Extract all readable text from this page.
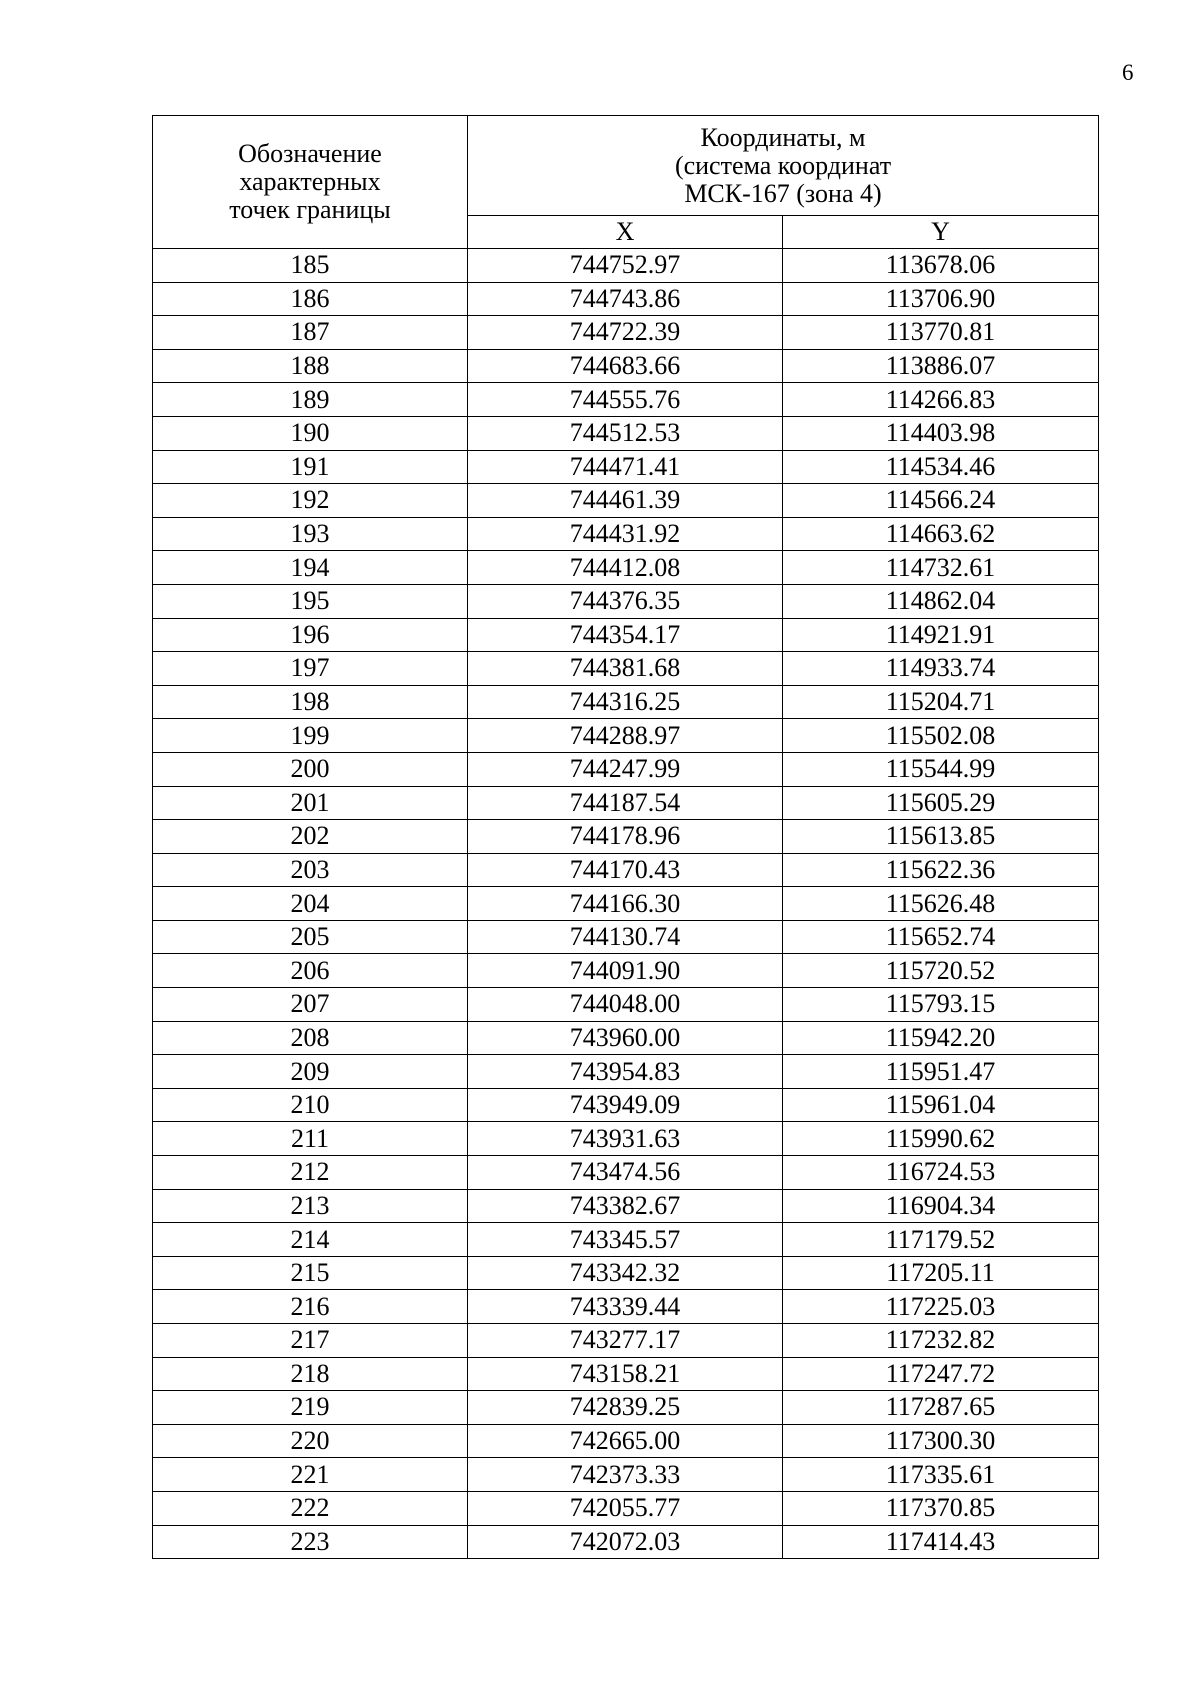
6
Обозначение
характерных
точек границы	Координаты, м
(система координат
МСК-167 (зона 4)	

	X	Y
185	744752.97	113678.06
186	744743.86	113706.90
187	744722.39	113770.81
188	744683.66	113886.07
189	744555.76	114266.83
190	744512.53	114403.98
191	744471.41	114534.46
192	744461.39	114566.24
193	744431.92	114663.62
194	744412.08	114732.61
195	744376.35	114862.04
196	744354.17	114921.91
197	744381.68	114933.74
198	744316.25	115204.71
199	744288.97	115502.08
200	744247.99	115544.99
201	744187.54	115605.29
202	744178.96	115613.85
203	744170.43	115622.36
204	744166.30	115626.48
205	744130.74	115652.74
206	744091.90	115720.52
207	744048.00	115793.15
208	743960.00	115942.20
209	743954.83	115951.47
210	743949.09	115961.04
211	743931.63	115990.62
212	743474.56	116724.53
213	743382.67	116904.34
214	743345.57	117179.52
215	743342.32	117205.11
216	743339.44	117225.03
217	743277.17	117232.82
218	743158.21	117247.72
219	742839.25	117287.65
220	742665.00	117300.30
221	742373.33	117335.61
222	742055.77	117370.85
223	742072.03	117414.43
